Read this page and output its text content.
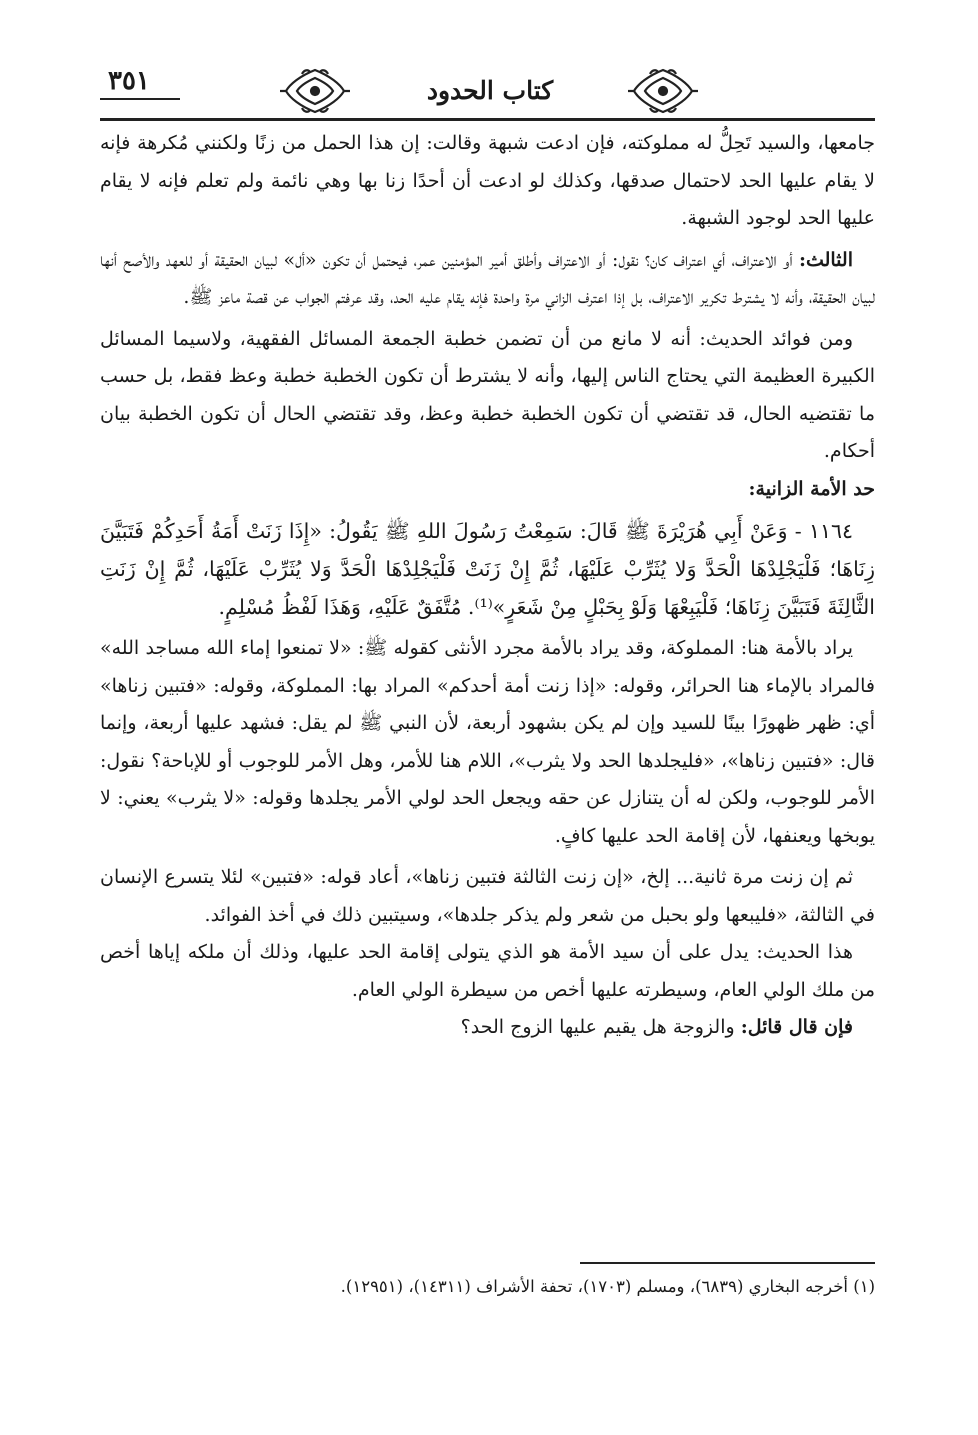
٣٥١	كتاب الحدود

جامعها، والسيد تَحِلُّ له مملوكته، فإن ادعت شبهة وقالت: إن هذا الحمل من زنًا ولكنني مُكرهة فإنه لا يقام عليها الحد لاحتمال صدقها، وكذلك لو ادعت أن أحدًا زنا بها وهي نائمة ولم تعلم فإنه لا يقام عليها الحد لوجود الشبهة.

الثالث: أو الاعتراف، أي اعتراف كان؟ نقول: أو الاعتراف وأطلق أمير المؤمنين عمر، فيحتمل أن تكون «أل» لبيان الحقيقة أو للعهد والأصح أنها لبيان الحقيقة، وأنه لا يشترط تكرير الاعتراف، بل إذا اعترف الزاني مرة واحدة فإنه يقام عليه الحد، وقد عرفتم الجواب عن قصة ماعز ﷺ.

ومن فوائد الحديث: أنه لا مانع من أن تضمن خطبة الجمعة المسائل الفقهية، ولاسيما المسائل الكبيرة العظيمة التي يحتاج الناس إليها، وأنه لا يشترط أن تكون الخطبة خطبة وعظ فقط، بل حسب ما تقتضيه الحال، قد تقتضي أن تكون الخطبة خطبة وعظ، وقد تقتضي الحال أن تكون الخطبة بيان أحكام.

حد الأمة الزانية:

١١٦٤ - وَعَنْ أَبِي هُرَيْرَةَ ﷺ قَالَ: سَمِعْتُ رَسُولَ اللهِ ﷺ يَقُولُ: «إِذَا زَنَتْ أَمَةُ أَحَدِكُمْ فَتَبَيَّنَ زِنَاهَا؛ فَلْيَجْلِدْهَا الْحَدَّ وَلا يُثَرِّبْ عَلَيْهَا، ثُمَّ إِنْ زَنَتْ فَلْيَجْلِدْهَا الْحَدَّ وَلا يُثَرِّبْ عَلَيْهَا، ثُمَّ إِنْ زَنَتِ الثَّالِثَةَ فَتَبَيَّنَ زِنَاهَا؛ فَلْيَبِعْهَا وَلَوْ بِحَبْلٍ مِنْ شَعَرٍ»⁽¹⁾. مُتَّفَقٌ عَلَيْهِ، وَهَذَا لَفْظُ مُسْلِمٍ.

يراد بالأمة هنا: المملوكة، وقد يراد بالأمة مجرد الأنثى كقوله ﷺ: «لا تمنعوا إماء الله مساجد الله» فالمراد بالإماء هنا الحرائر، وقوله: «إذا زنت أمة أحدكم» المراد بها: المملوكة، وقوله: «فتبين زناها» أي: ظهر ظهورًا بينًا للسيد وإن لم يكن بشهود أربعة، لأن النبي ﷺ لم يقل: فشهد عليها أربعة، وإنما قال: «فتبين زناها»، «فليجلدها الحد ولا يثرب»، اللام هنا للأمر، وهل الأمر للوجوب أو للإباحة؟ نقول: الأمر للوجوب، ولكن له أن يتنازل عن حقه ويجعل الحد لولي الأمر يجلدها وقوله: «لا يثرب» يعني: لا يوبخها ويعنفها، لأن إقامة الحد عليها كافٍ.

ثم إن زنت مرة ثانية... إلخ، «إن زنت الثالثة فتبين زناها»، أعاد قوله: «فتبين» لئلا يتسرع الإنسان في الثالثة، «فليبعها ولو بحبل من شعر ولم يذكر جلدها»، وسيتبين ذلك في أخذ الفوائد.

هذا الحديث: يدل على أن سيد الأمة هو الذي يتولى إقامة الحد عليها، وذلك أن ملكه إياها أخص من ملك الولي العام، وسيطرته عليها أخص من سيطرة الولي العام.

فإن قال قائل: والزوجة هل يقيم عليها الزوج الحد؟

(١) أخرجه البخاري (٦٨٣٩)، ومسلم (١٧٠٣)، تحفة الأشراف (١٤٣١١)، (١٢٩٥١).
